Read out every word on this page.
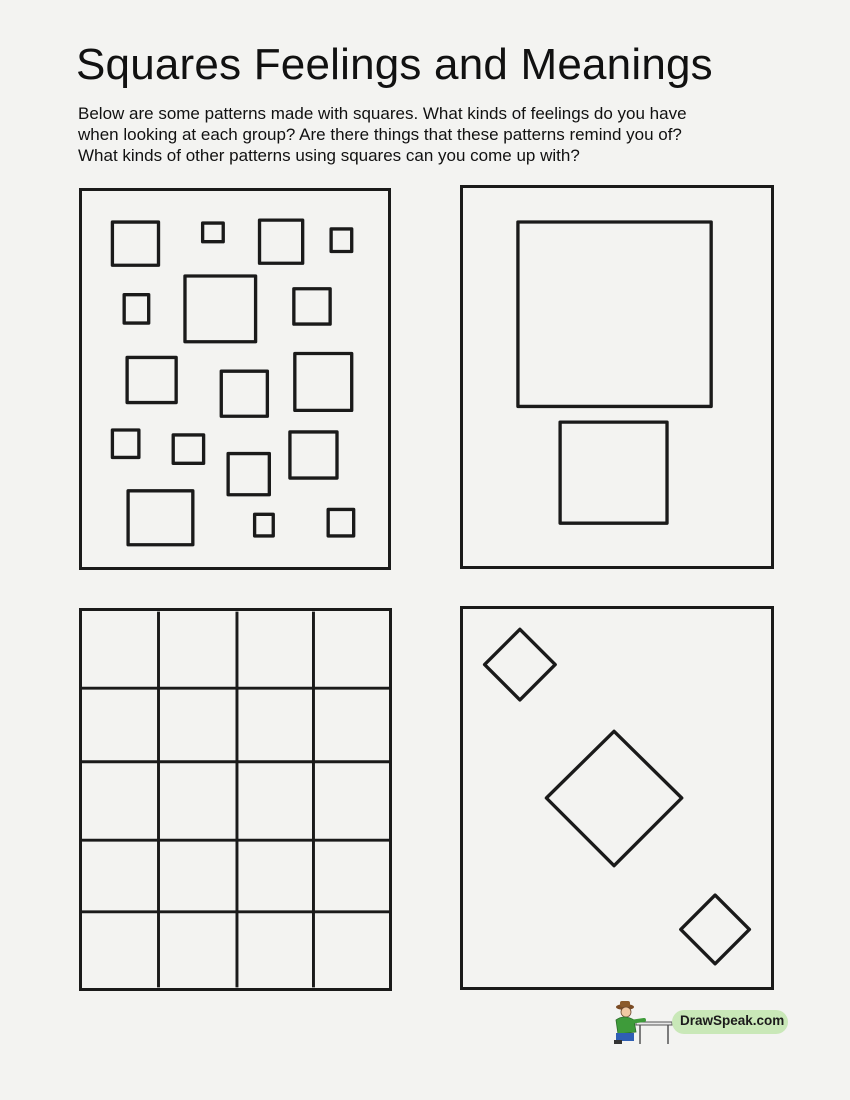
Squares Feelings and Meanings

Below are some patterns made with squares. What kinds of feelings do you have
when looking at each group? Are there things that these patterns remind you of?
What kinds of other patterns using squares can you come up with?

DrawSpeak.com
